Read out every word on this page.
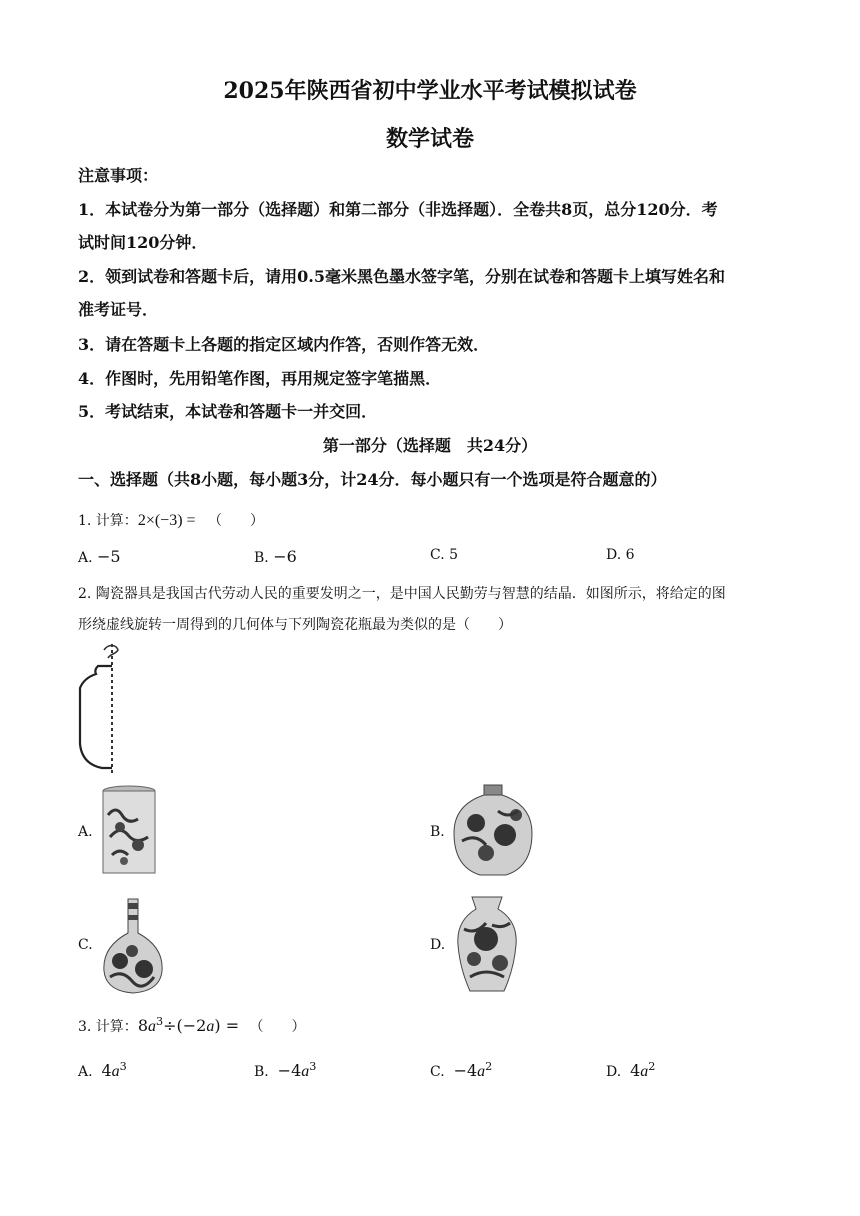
2025年陕西省初中学业水平考试模拟试卷
数学试卷
注意事项：
1．本试卷分为第一部分（选择题）和第二部分（非选择题）．全卷共8页，总分120分．考
试时间120分钟．
2．领到试卷和答题卡后，请用0.5毫米黑色墨水签字笔，分别在试卷和答题卡上填写姓名和
准考证号．
3．请在答题卡上各题的指定区域内作答，否则作答无效．
4．作图时，先用铅笔作图，再用规定签字笔描黑．
5．考试结束，本试卷和答题卡一并交回．
第一部分（选择题　共24分）
一、选择题（共8小题，每小题3分，计24分．每小题只有一个选项是符合题意的）
1. 计算：2×(−3) = （　　）
A. −5	B. −6	C. 5	D. 6
2. 陶瓷器具是我国古代劳动人民的重要发明之一，是中国人民勤劳与智慧的结晶．如图所示，将给定的图
形绕虚线旋转一周得到的几何体与下列陶瓷花瓶最为类似的是（　　）
A.	B.
C.	D.
3. 计算：$8a^3\div(-2a)$ = （　　）
A. $4a^3$	B. $-4a^3$	C. $-4a^2$	D. $4a^2$
